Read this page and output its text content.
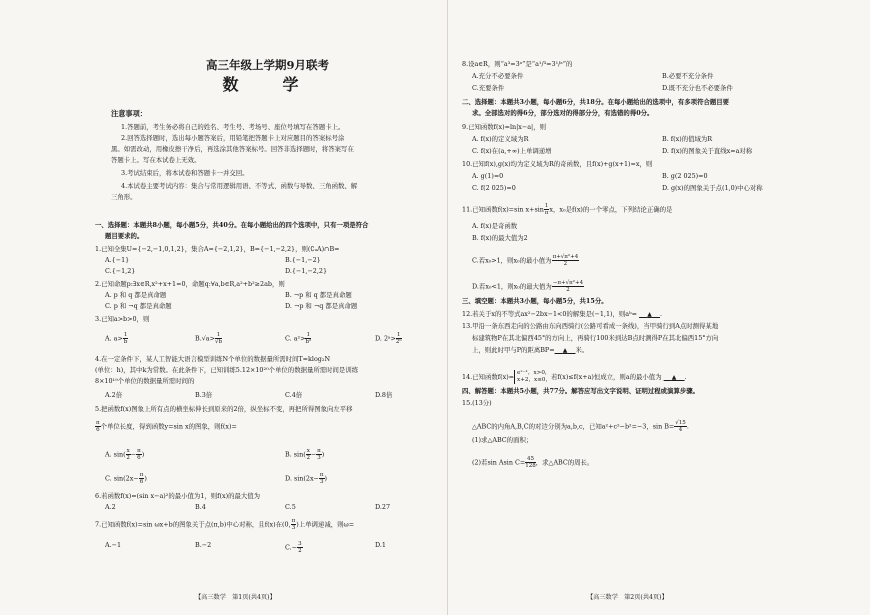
高三年级上学期9月联考
数　学
注意事项：
1.答题前，考生务必将自己的姓名、考生号、考场号、座位号填写在答题卡上。
2.回答选择题时，选出每小题答案后，用铅笔把答题卡上对应题目的答案标号涂
黑。如需改动，用橡皮擦干净后，再选涂其他答案标号。回答非选择题时，将答案写在
答题卡上。写在本试卷上无效。
3.考试结束后，将本试卷和答题卡一并交回。
4.本试卷主要考试内容：集合与常用逻辑用语、不等式、函数与导数、三角函数、解
三角形。
一、选择题：本题共8小题，每小题5分，共40分。在每小题给出的四个选项中，只有一项是符合
题目要求的。
1.已知全集U={−2,−1,0,1,2}，集合A={−2,1,2}，B={−1,−2,2}，则(∁ᵤA)∩B=
A.{−1}	B.{−1,−2}
C.{−1,2}	D.{−1,−2,2}
2.已知命题p:∃x∈R,x²+x+1=0，命题q:∀a,b∈R,a²+b²≥2ab，则
A. p 和 q 都是真命题	B. ¬p 和 q 都是真命题
C. p 和 ¬q 都是真命题	D. ¬p 和 ¬q 都是真命题
3.已知a>b>0，则
A. $a> \frac{1}{b}$	$B.√a> \frac{1}{√b}$	C. $a^2> \frac{1}{\text{b²}}$	D. 2ᵃ> $\frac{1}{\text{2ᵇ}}$
4.在一定条件下，某人工智能大语言模型训练N个单位的数据量所需时间T=klog₂N
(单位：h)，其中k为常数。在此条件下，已知训练5.12×10²⁰个单位的数据量所需时间是训练
8×10¹⁹个单位的数据量所需时间的
A.2倍	B.3倍	C.4倍	D.8倍
5.把函数f(x)图象上所有点的横坐标伸长到原来的2倍，纵坐标不变，再把所得图象向左平移
$\frac{\pi}{6}$ 个单位长度，得到函数y=sin x的图象，则f(x)=
A. $\sin( \frac{x}{2} - \frac{\pi}{6}$ )	B. $\sin( \frac{x}{2} - \frac{\pi}{3}$ )
C. $\sin(2x- \frac{\pi}{6}$ )	D. $\sin(2x- \frac{\pi}{3}$ )
6.若函数f(x)=(sin x−a)²的最小值为1，则f(x)的最大值为
A.2	B.4	C.5	D.27
7.已知函数f(x)=sin ωx+b的图象关于点(π,b)中心对称，且f(x)在(0, $\frac{\pi}{3}$ )上单调递减，则ω=
A.−1	B.−2	$C.- \frac{3}{2}$	D.1
【高三数学　第1页(共4页)】
8.设a∈R，则“a³=3ᵃ”是“a¹/³=3¹/ᵃ”的
A.充分不必要条件	B.必要不充分条件
C.充要条件	D.既不充分也不必要条件
二、选择题：本题共3小题，每小题6分，共18分。在每小题给出的选项中，有多项符合题目要
求。全部选对的得6分，部分选对的得部分分，有选错的得0分。
9.已知函数f(x)=ln|x−a|，则
A. f(x)的定义域为R	B. f(x)的值域为R
C. f(x)在(a,+∞)上单调递增	D. f(x)的图象关于直线x=a对称
10.已知f(x),g(x)均为定义域为R的奇函数，且f(x)+g(x+1)=x，则
A. g(1)=0	B. g(2 025)=0
C. f(2 025)=0	D. g(x)的图象关于点(1,0)中心对称
11.已知函数f(x)=sin $x+\sin \frac{1}{\pi}$ x，x₀是f(x)的一个零点，下列结论正确的是
A. f(x)是奇函数
B. f(x)的最大值为2
C.若x₀>1，则x₀的最小值为 $\frac{\text{π+√π²+4}}{2}$
D.若x₀<1，则x₀的最大值为 $\frac{\text{−π+√π²+4}}{2}$
三、填空题：本题共3小题，每小题5分，共15分。
12.若关于x的不等式ax²−2bx−1<0的解集是(−1,1)，则aᵇ= ▲ .
13.甲沿一条东西走向的公路由东向西骑行(公路可看成一条线)，当甲骑行到A点时测得某地
标建筑物P在其北偏西45°的方向上，再骑行100米到达B点时测得P在其北偏西15°方向
上，则此时甲与P的距离BP= ▲ 米。
14.已知函数f(x)= eˣ⁻¹，x>0，
x+2，x≤0， 若f(x)≤f(x+a)恒成立，则a的最小值为 ▲ .
四、解答题：本题共5小题，共77分。解答应写出文字说明、证明过程或演算步骤。
15.(13分)
△ABC的内角A,B,C的对边分别为a,b,c，已知a²+c²−b²=−3，$\sin B= \frac{√15}{4}$ .
(1)求△ABC的面积；
(2)若sin Asin $C= \frac{45}{128}$ ，求△ABC的周长。
【高三数学　第2页(共4页)】
